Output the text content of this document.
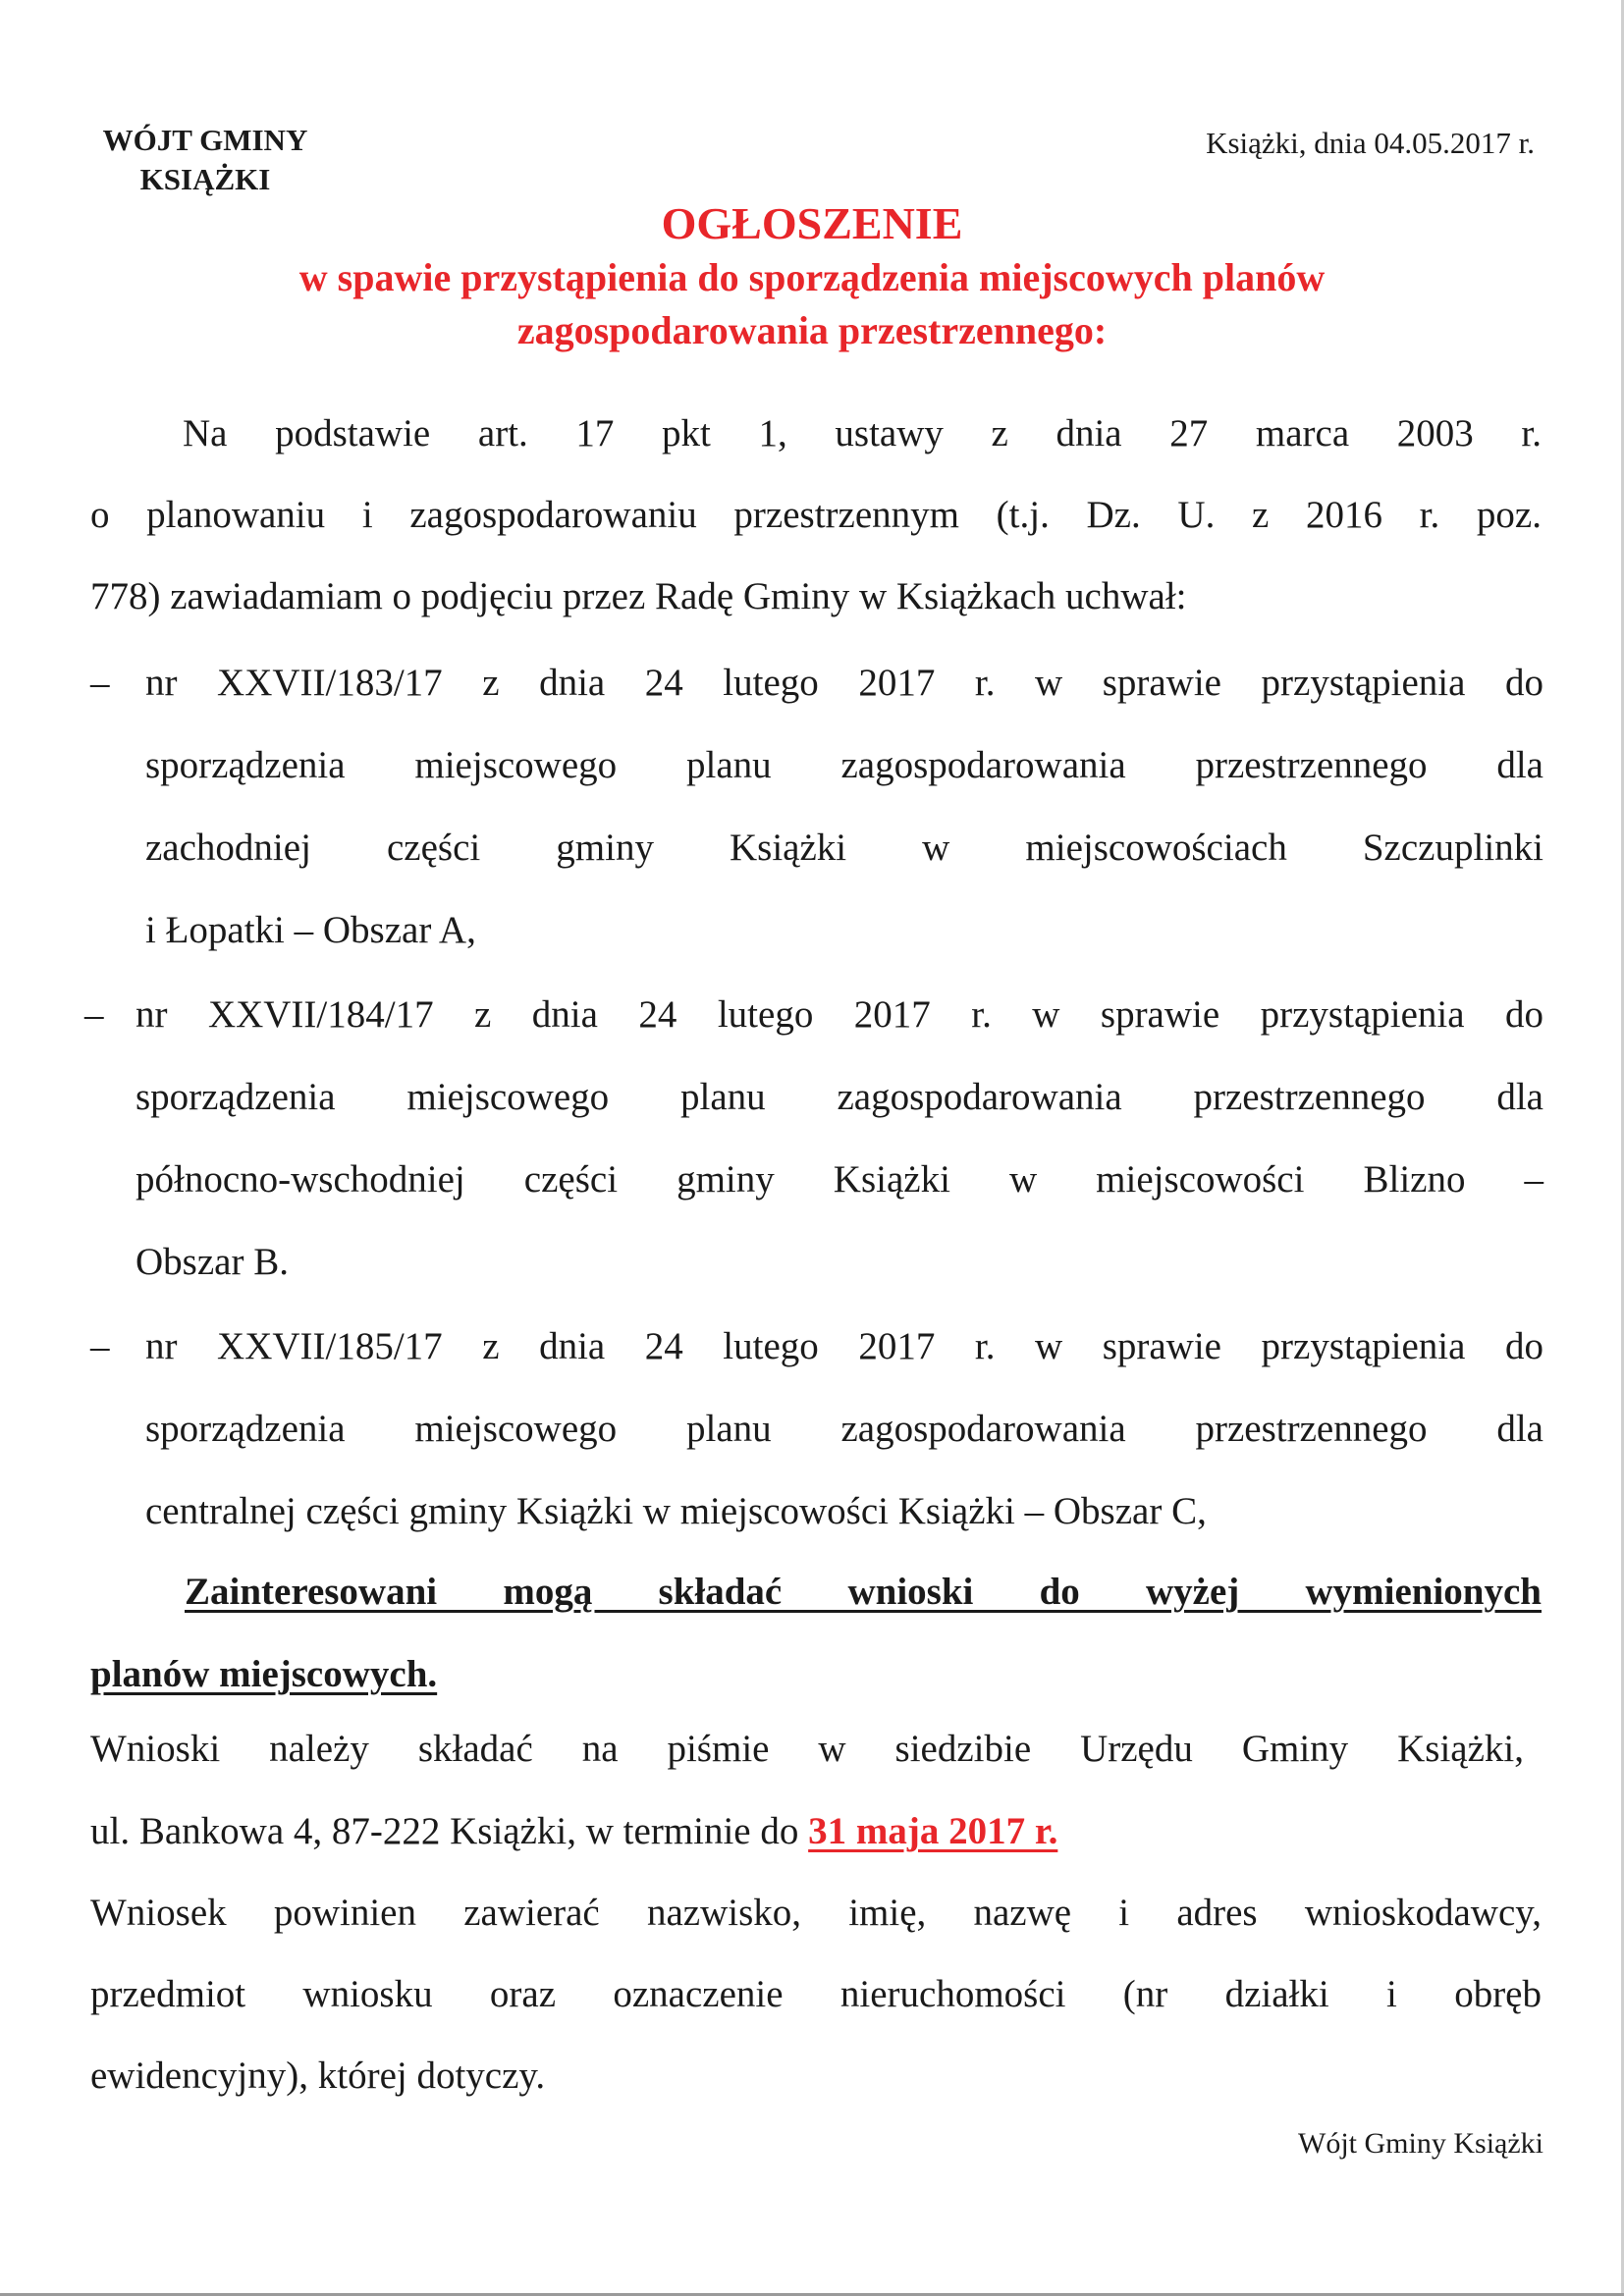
WÓJT GMINY
KSIĄŻKI
Książki, dnia 04.05.2017 r.
OGŁOSZENIE
w spawie przystąpienia do sporządzenia miejscowych planów
zagospodarowania przestrzennego:
Na podstawie art. 17 pkt 1, ustawy z dnia 27 marca 2003 r.
o planowaniu i zagospodarowaniu przestrzennym (t.j. Dz. U. z 2016 r. poz.
778) zawiadamiam o podjęciu przez Radę Gminy w Książkach uchwał:
– nr XXVII/183/17 z dnia 24 lutego 2017 r. w sprawie przystąpienia do
sporządzenia miejscowego planu zagospodarowania przestrzennego dla
zachodniej części gminy Książki w miejscowościach Szczuplinki
i Łopatki – Obszar A,
– nr XXVII/184/17 z dnia 24 lutego 2017 r. w sprawie przystąpienia do
sporządzenia miejscowego planu zagospodarowania przestrzennego dla
północno-wschodniej części gminy Książki w miejscowości Blizno –
Obszar B.
– nr XXVII/185/17 z dnia 24 lutego 2017 r. w sprawie przystąpienia do
sporządzenia miejscowego planu zagospodarowania przestrzennego dla
centralnej części gminy Książki w miejscowości Książki – Obszar C,
Zainteresowani mogą składać wnioski do wyżej wymienionych
planów miejscowych.
Wnioski należy składać na piśmie w siedzibie Urzędu Gminy Książki,
ul. Bankowa 4, 87-222 Książki, w terminie do 31 maja 2017 r.
Wniosek powinien zawierać nazwisko, imię, nazwę i adres wnioskodawcy,
przedmiot wniosku oraz oznaczenie nieruchomości (nr działki i obręb
ewidencyjny), której dotyczy.
Wójt Gminy Książki
